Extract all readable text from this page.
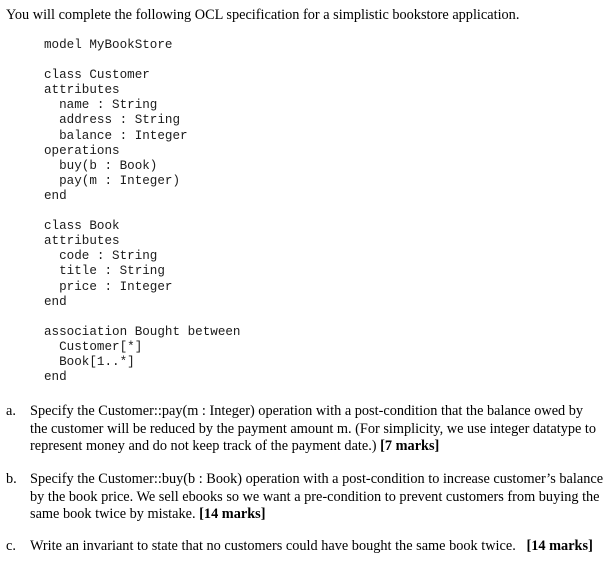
You will complete the following OCL specification for a simplistic bookstore application.
model MyBookStore
class Customer
attributes
name : String
address : String
balance : Integer
operations
buy(b : Book)
pay(m : Integer)
end
class Book
attributes
code : String
title : String
price : Integer
end
association Bought between
Customer[*]
Book[1..*]
end
a. Specify the Customer::pay(m : Integer) operation with a post-condition that the balance owed by the customer will be reduced by the payment amount m. (For simplicity, we use integer datatype to represent money and do not keep track of the payment date.) [7 marks]
b. Specify the Customer::buy(b : Book) operation with a post-condition to increase customer’s balance by the book price. We sell ebooks so we want a pre-condition to prevent customers from buying the same book twice by mistake. [14 marks]
c. Write an invariant to state that no customers could have bought the same book twice. [14 marks]
